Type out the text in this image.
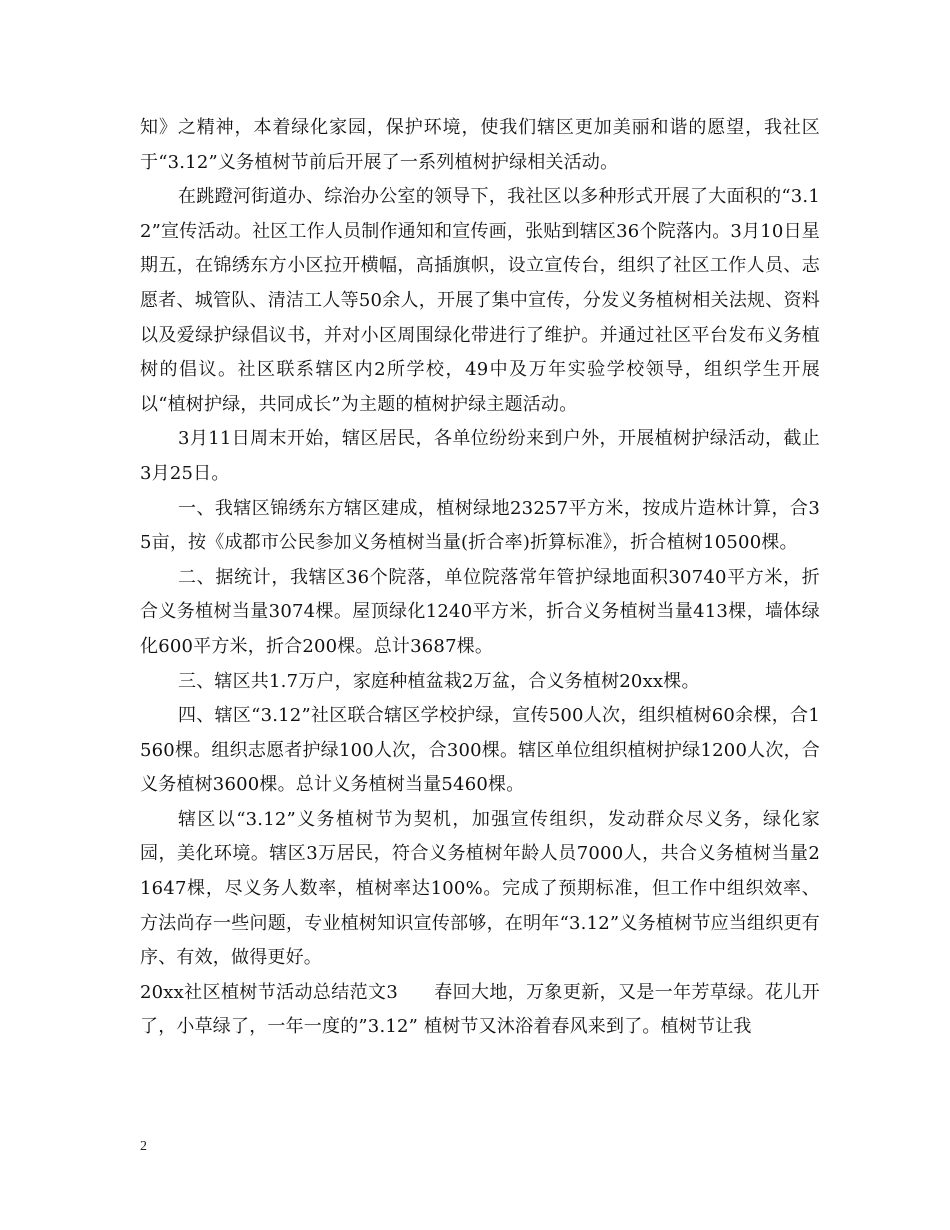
知》之精神，本着绿化家园，保护环境，使我们辖区更加美丽和谐的愿望，我社区于“3.12”义务植树节前后开展了一系列植树护绿相关活动。

在跳蹬河街道办、综治办公室的领导下，我社区以多种形式开展了大面积的“3.12”宣传活动。社区工作人员制作通知和宣传画，张贴到辖区36个院落内。3月10日星期五，在锦绣东方小区拉开横幅，高插旗帜，设立宣传台，组织了社区工作人员、志愿者、城管队、清洁工人等50余人，开展了集中宣传，分发义务植树相关法规、资料以及爱绿护绿倡议书，并对小区周围绿化带进行了维护。并通过社区平台发布义务植树的倡议。社区联系辖区内2所学校，49中及万年实验学校领导，组织学生开展以“植树护绿，共同成长”为主题的植树护绿主题活动。

3月11日周末开始，辖区居民，各单位纷纷来到户外，开展植树护绿活动，截止3月25日。

一、我辖区锦绣东方辖区建成，植树绿地23257平方米，按成片造林计算，合35亩，按《成都市公民参加义务植树当量(折合率)折算标准》，折合植树10500棵。

二、据统计，我辖区36个院落，单位院落常年管护绿地面积30740平方米，折合义务植树当量3074棵。屋顶绿化1240平方米，折合义务植树当量413棵，墙体绿化600平方米，折合200棵。总计3687棵。

三、辖区共1.7万户，家庭种植盆栽2万盆，合义务植树20xx棵。

四、辖区“3.12”社区联合辖区学校护绿，宣传500人次，组织植树60余棵，合1560棵。组织志愿者护绿100人次，合300棵。辖区单位组织植树护绿1200人次，合义务植树3600棵。总计义务植树当量5460棵。

辖区以“3.12”义务植树节为契机，加强宣传组织，发动群众尽义务，绿化家园，美化环境。辖区3万居民，符合义务植树年龄人员7000人，共合义务植树当量21647棵，尽义务人数率，植树率达100%。完成了预期标准，但工作中组织效率、方法尚存一些问题，专业植树知识宣传部够，在明年“3.12”义务植树节应当组织更有序、有效，做得更好。

20xx社区植树节活动总结范文3 春回大地，万象更新，又是一年芳草绿。花儿开了，小草绿了，一年一度的”3.12” 植树节又沐浴着春风来到了。植树节让我

2
